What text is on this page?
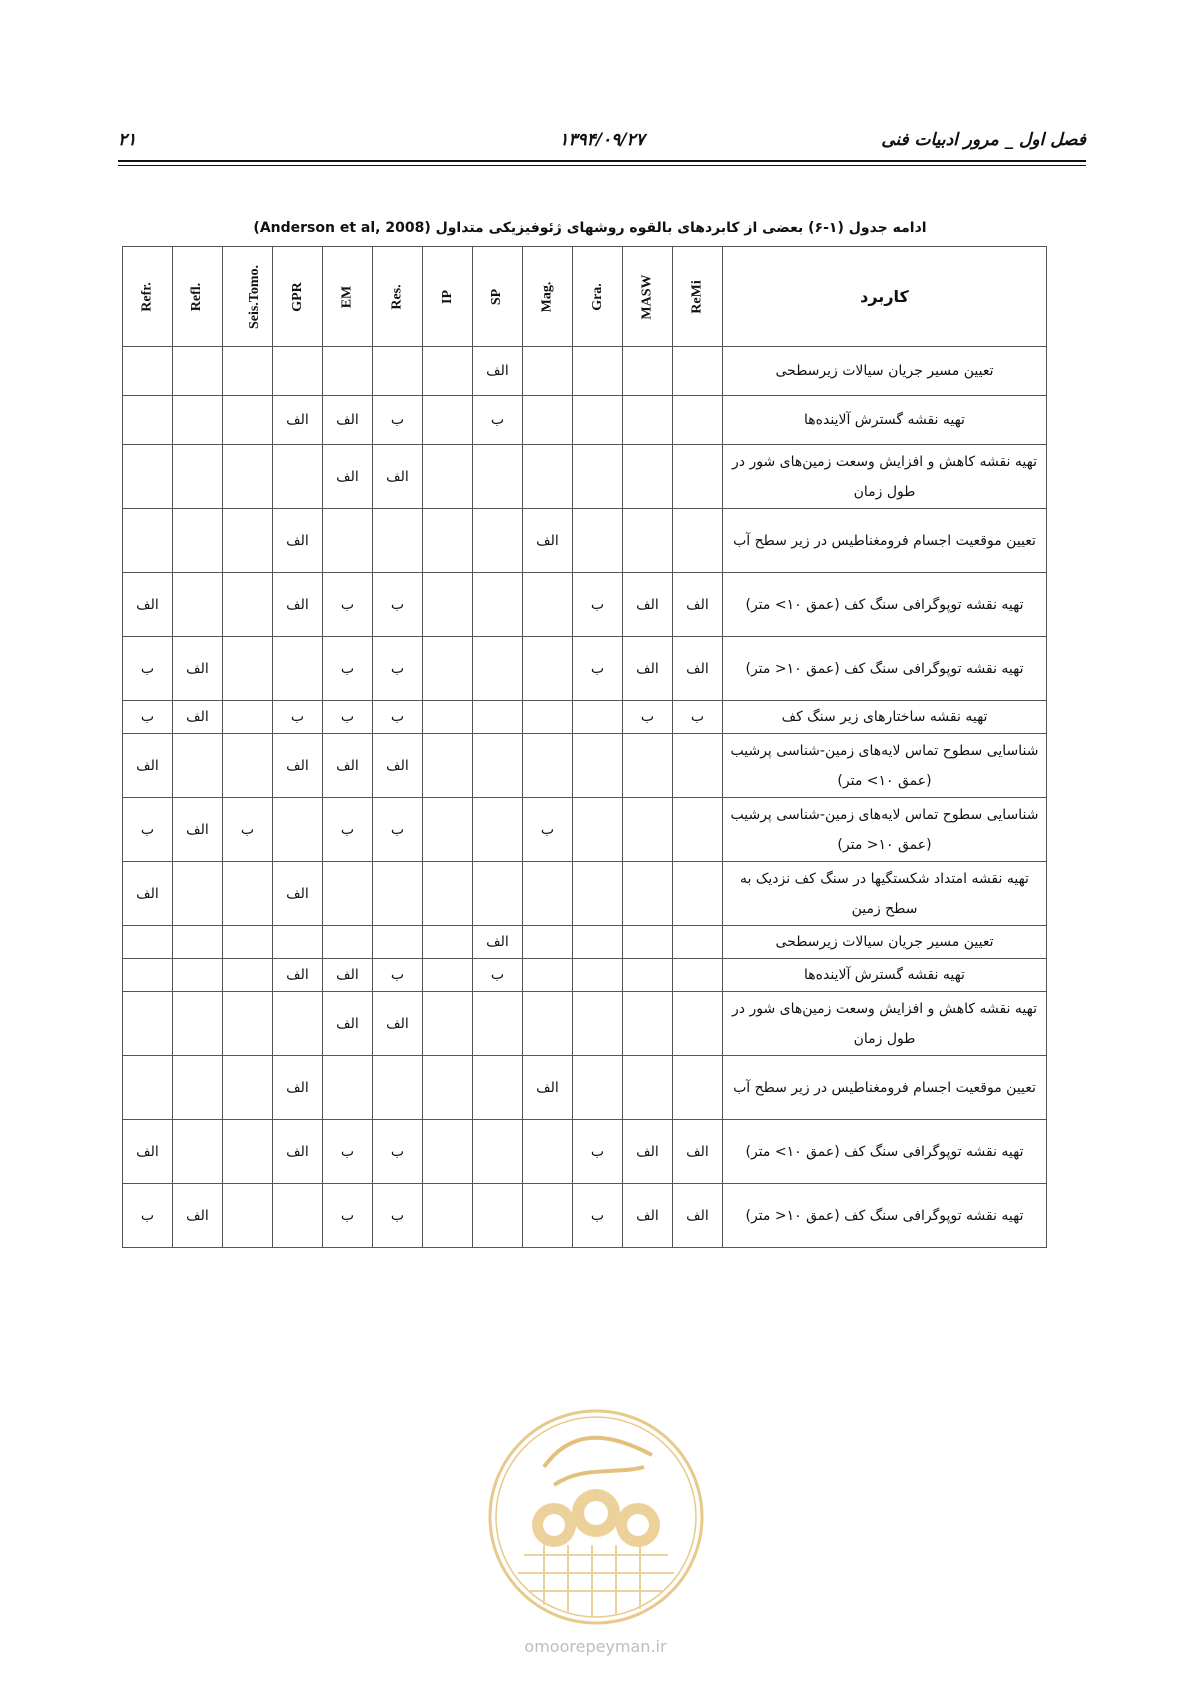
۲۱	۱۳۹۴/۰۹/۲۷	فصل اول _ مرور ادبیات فنی
ادامه جدول (۱-۶) بعضی از کابردهای بالقوه روشهای ژئوفیزیکی متداول (Anderson et al, 2008)
Refr.	Refl.	Seis.Tomo.	GPR	EM	Res.	IP	SP	Mag.	Gra.	MASW	ReMi	کاربرد
							الف					تعیین مسیر جریان سیالات زیرسطحی

			الف	الف	ب		ب					تهیه نقشه گسترش آلاینده‌ها

				الف	الف							تهیه نقشه کاهش و افزایش وسعت زمین‌های شور در طول زمان

			الف					الف				تعیین موقعیت اجسام فرومغناطیس در زیر سطح آب

الف			الف	ب	ب				ب	الف	الف	تهیه نقشه توپوگرافی سنگ کف (عمق ۱۰> متر)

ب	الف			ب	ب				ب	الف	الف	تهیه نقشه توپوگرافی سنگ کف (عمق ۱۰< متر)

ب	الف		ب	ب	ب					ب	ب	تهیه نقشه ساختارهای زیر سنگ کف

الف			الف	الف	الف							شناسایی سطوح تماس لایه‌های زمین-شناسی پرشیب (عمق ۱۰> متر)

ب	الف	ب		ب	ب			ب				شناسایی سطوح تماس لایه‌های زمین-شناسی پرشیب (عمق ۱۰< متر)

الف			الف									تهیه نقشه امتداد شکستگیها در سنگ کف نزدیک به سطح زمین

							الف					تعیین مسیر جریان سیالات زیرسطحی

			الف	الف	ب		ب					تهیه نقشه گسترش آلاینده‌ها

				الف	الف							تهیه نقشه کاهش و افزایش وسعت زمین‌های شور در طول زمان

			الف					الف				تعیین موقعیت اجسام فرومغناطیس در زیر سطح آب

الف			الف	ب	ب				ب	الف	الف	تهیه نقشه توپوگرافی سنگ کف (عمق ۱۰> متر)

ب	الف			ب	ب				ب	الف	الف	تهیه نقشه توپوگرافی سنگ کف (عمق ۱۰< متر)
omoorepeyman.ir
